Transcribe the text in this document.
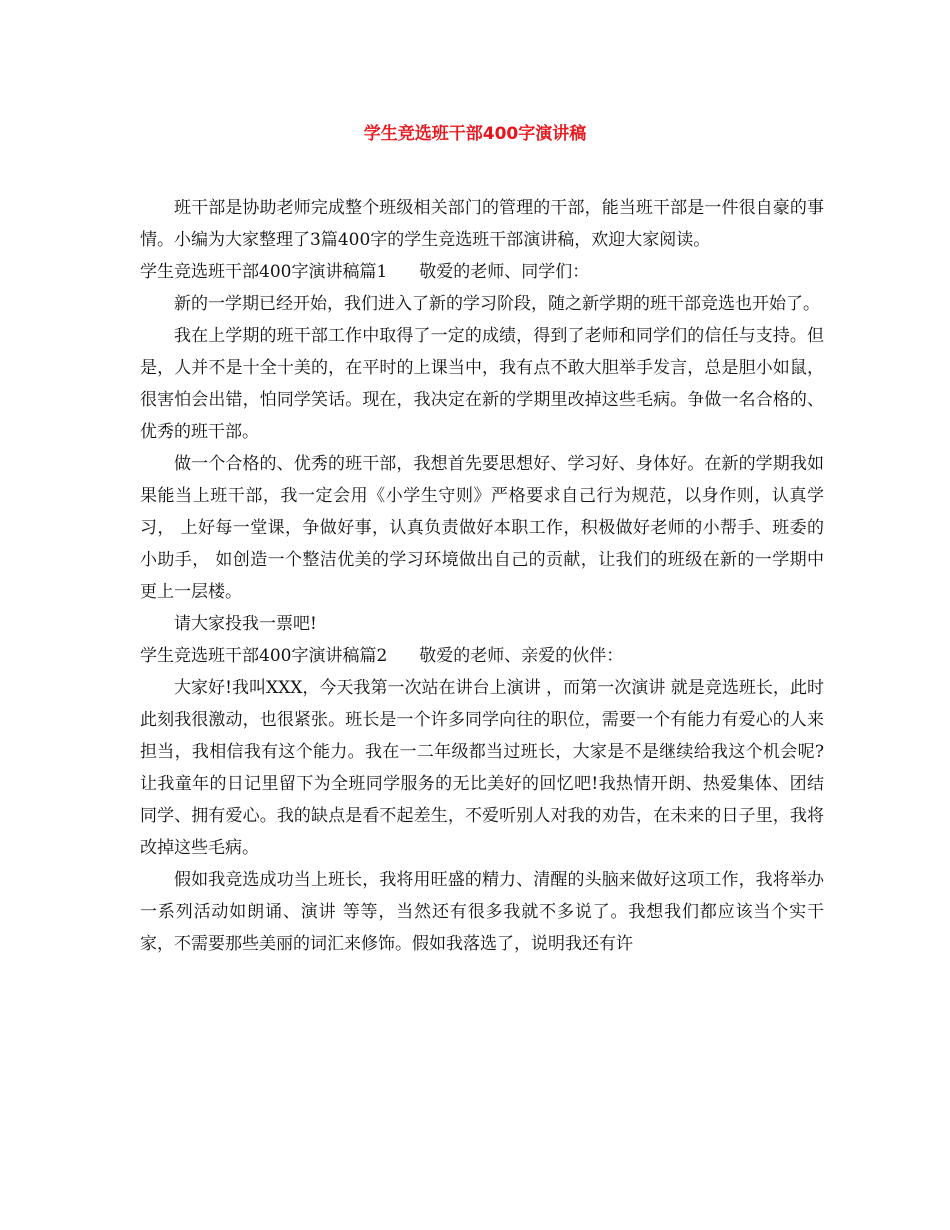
学生竞选班干部400字演讲稿

班干部是协助老师完成整个班级相关部门的管理的干部，能当班干部是一件很自豪的事情。小编为大家整理了3篇400字的学生竞选班干部演讲稿，欢迎大家阅读。

学生竞选班干部400字演讲稿篇1 敬爱的老师、同学们：

新的一学期已经开始，我们进入了新的学习阶段，随之新学期的班干部竞选也开始了。

我在上学期的班干部工作中取得了一定的成绩，得到了老师和同学们的信任与支持。但是，人并不是十全十美的，在平时的上课当中，我有点不敢大胆举手发言，总是胆小如鼠，很害怕会出错，怕同学笑话。现在，我决定在新的学期里改掉这些毛病。争做一名合格的、 优秀的班干部。

做一个合格的、优秀的班干部，我想首先要思想好、学习好、身体好。在新的学期我如果能当上班干部，我一定会用《小学生守则》严格要求自己行为规范，以身作则，认真学习， 上好每一堂课，争做好事，认真负责做好本职工作，积极做好老师的小帮手、班委的小助手， 如创造一个整洁优美的学习环境做出自己的贡献，让我们的班级在新的一学期中更上一层楼。

请大家投我一票吧!

学生竞选班干部400字演讲稿篇2 敬爱的老师、亲爱的伙伴：

大家好!我叫XXX，今天我第一次站在讲台上演讲 ，而第一次演讲 就是竞选班长，此时此刻我很激动，也很紧张。班长是一个许多同学向往的职位，需要一个有能力有爱心的人来担当，我相信我有这个能力。我在一二年级都当过班长，大家是不是继续给我这个机会呢?让我童年的日记里留下为全班同学服务的无比美好的回忆吧!我热情开朗、热爱集体、团结同学、拥有爱心。我的缺点是看不起差生，不爱听别人对我的劝告，在未来的日子里，我将改掉这些毛病。

假如我竞选成功当上班长，我将用旺盛的精力、清醒的头脑来做好这项工作，我将举办一系列活动如朗诵、演讲 等等，当然还有很多我就不多说了。我想我们都应该当个实干家，不需要那些美丽的词汇来修饰。假如我落选了，说明我还有许
